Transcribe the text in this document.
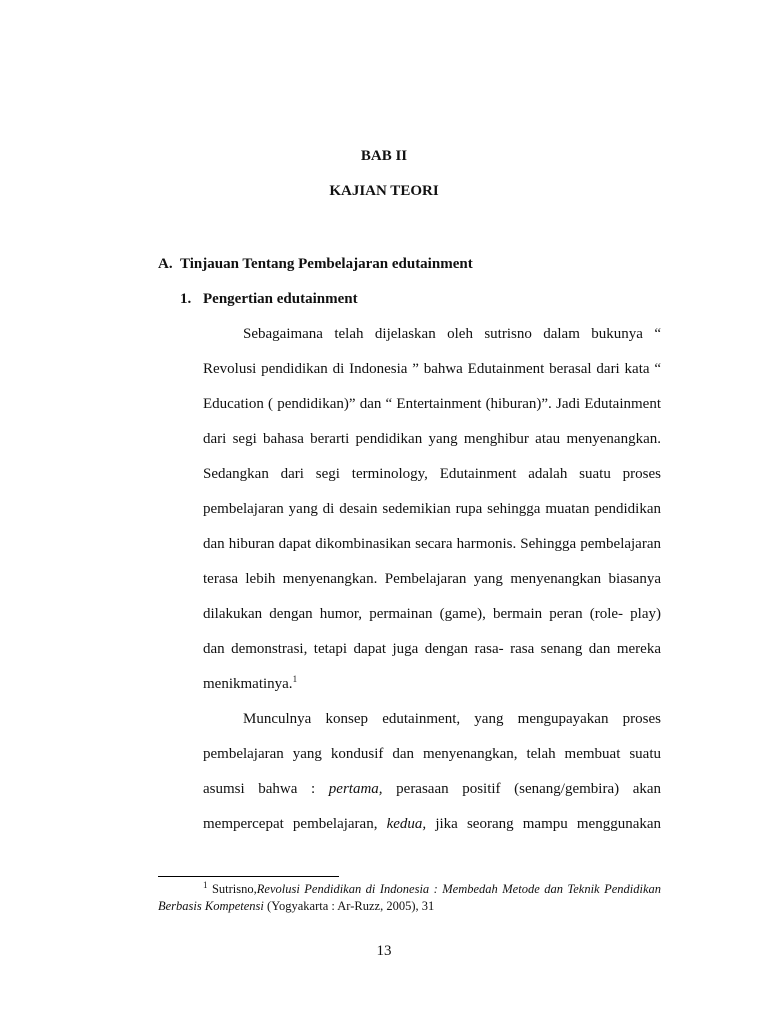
BAB II
KAJIAN TEORI
A. Tinjauan Tentang Pembelajaran edutainment
1. Pengertian edutainment
Sebagaimana telah dijelaskan oleh sutrisno dalam bukunya “
Revolusi pendidikan di Indonesia ” bahwa Edutainment berasal dari kata “
Education ( pendidikan)” dan “ Entertainment (hiburan)”. Jadi Edutainment
dari segi bahasa berarti pendidikan yang menghibur atau menyenangkan.
Sedangkan dari segi terminology, Edutainment adalah suatu proses
pembelajaran yang di desain sedemikian rupa sehingga muatan pendidikan
dan hiburan dapat dikombinasikan secara harmonis. Sehingga pembelajaran
terasa lebih menyenangkan. Pembelajaran yang menyenangkan biasanya
dilakukan dengan humor, permainan (game), bermain peran (role- play)
dan demonstrasi, tetapi dapat juga dengan rasa- rasa senang dan mereka
menikmatinya.$^1$
Munculnya konsep edutainment, yang mengupayakan proses
pembelajaran yang kondusif dan menyenangkan, telah membuat suatu
asumsi bahwa : pertama, perasaan positif (senang/gembira) akan
mempercepat pembelajaran, kedua, jika seorang mampu menggunakan
$^1$ Sutrisno,Revolusi Pendidikan di Indonesia : Membedah Metode dan Teknik Pendidikan
Berbasis Kompetensi (Yogyakarta : Ar-Ruzz, 2005), 31
13
